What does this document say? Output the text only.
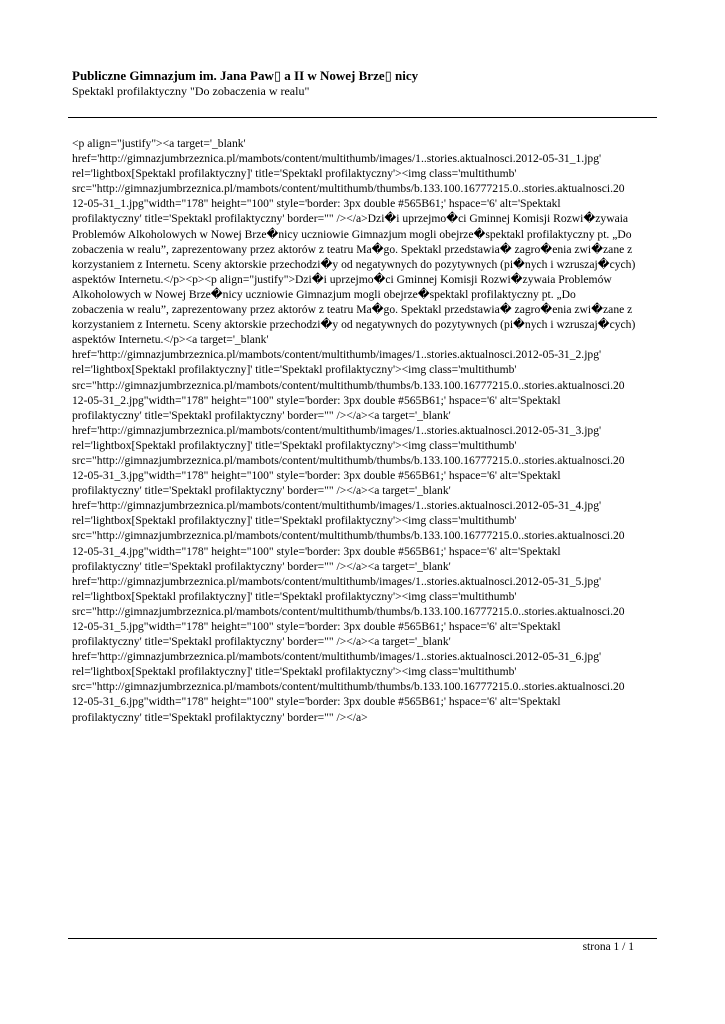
Publiczne Gimnazjum im. Jana Paw▯ a II w Nowej Brze▯ nicy
Spektakl profilaktyczny "Do zobaczenia w realu"
<p align="justify"><a target='_blank'
href='http://gimnazjumbrzeznica.pl/mambots/content/multithumb/images/1..stories.aktualnosci.2012-05-31_1.jpg'
rel='lightbox[Spektakl profilaktyczny]' title='Spektakl profilaktyczny'><img class='multithumb'
src="http://gimnazjumbrzeznica.pl/mambots/content/multithumb/thumbs/b.133.100.16777215.0..stories.aktualnosci.20
12-05-31_1.jpg"width="178" height="100" style='border: 3px double #565B61;' hspace='6' alt='Spektakl
profilaktyczny' title='Spektakl profilaktyczny' border="" /></a>Dzi�i uprzejmo�ci Gminnej Komisji Rozwi�zywaia
Problemów Alkoholowych w Nowej Brze�nicy uczniowie Gimnazjum mogli obejrze�spektakl profilaktyczny pt. „Do
zobaczenia w realu”, zaprezentowany przez aktorów z teatru Ma�go. Spektakl przedstawia� zagro�enia zwi�zane z
korzystaniem z Internetu. Sceny aktorskie przechodzi�y od negatywnych do pozytywnych (pi�nych i wzruszaj�cych)
aspektów Internetu.</p><p><p align="justify">Dzi�i uprzejmo�ci Gminnej Komisji Rozwi�zywaia Problemów
Alkoholowych w Nowej Brze�nicy uczniowie Gimnazjum mogli obejrze�spektakl profilaktyczny pt. „Do
zobaczenia w realu”, zaprezentowany przez aktorów z teatru Ma�go. Spektakl przedstawia� zagro�enia zwi�zane z
korzystaniem z Internetu. Sceny aktorskie przechodzi�y od negatywnych do pozytywnych (pi�nych i wzruszaj�cych)
aspektów Internetu.</p><a target='_blank'
href='http://gimnazjumbrzeznica.pl/mambots/content/multithumb/images/1..stories.aktualnosci.2012-05-31_2.jpg'
rel='lightbox[Spektakl profilaktyczny]' title='Spektakl profilaktyczny'><img class='multithumb'
src="http://gimnazjumbrzeznica.pl/mambots/content/multithumb/thumbs/b.133.100.16777215.0..stories.aktualnosci.20
12-05-31_2.jpg"width="178" height="100" style='border: 3px double #565B61;' hspace='6' alt='Spektakl
profilaktyczny' title='Spektakl profilaktyczny' border="" /></a><a target='_blank'
href='http://gimnazjumbrzeznica.pl/mambots/content/multithumb/images/1..stories.aktualnosci.2012-05-31_3.jpg'
rel='lightbox[Spektakl profilaktyczny]' title='Spektakl profilaktyczny'><img class='multithumb'
src="http://gimnazjumbrzeznica.pl/mambots/content/multithumb/thumbs/b.133.100.16777215.0..stories.aktualnosci.20
12-05-31_3.jpg"width="178" height="100" style='border: 3px double #565B61;' hspace='6' alt='Spektakl
profilaktyczny' title='Spektakl profilaktyczny' border="" /></a><a target='_blank'
href='http://gimnazjumbrzeznica.pl/mambots/content/multithumb/images/1..stories.aktualnosci.2012-05-31_4.jpg'
rel='lightbox[Spektakl profilaktyczny]' title='Spektakl profilaktyczny'><img class='multithumb'
src="http://gimnazjumbrzeznica.pl/mambots/content/multithumb/thumbs/b.133.100.16777215.0..stories.aktualnosci.20
12-05-31_4.jpg"width="178" height="100" style='border: 3px double #565B61;' hspace='6' alt='Spektakl
profilaktyczny' title='Spektakl profilaktyczny' border="" /></a><a target='_blank'
href='http://gimnazjumbrzeznica.pl/mambots/content/multithumb/images/1..stories.aktualnosci.2012-05-31_5.jpg'
rel='lightbox[Spektakl profilaktyczny]' title='Spektakl profilaktyczny'><img class='multithumb'
src="http://gimnazjumbrzeznica.pl/mambots/content/multithumb/thumbs/b.133.100.16777215.0..stories.aktualnosci.20
12-05-31_5.jpg"width="178" height="100" style='border: 3px double #565B61;' hspace='6' alt='Spektakl
profilaktyczny' title='Spektakl profilaktyczny' border="" /></a><a target='_blank'
href='http://gimnazjumbrzeznica.pl/mambots/content/multithumb/images/1..stories.aktualnosci.2012-05-31_6.jpg'
rel='lightbox[Spektakl profilaktyczny]' title='Spektakl profilaktyczny'><img class='multithumb'
src="http://gimnazjumbrzeznica.pl/mambots/content/multithumb/thumbs/b.133.100.16777215.0..stories.aktualnosci.20
12-05-31_6.jpg"width="178" height="100" style='border: 3px double #565B61;' hspace='6' alt='Spektakl
profilaktyczny' title='Spektakl profilaktyczny' border="" /></a>
strona 1 / 1
